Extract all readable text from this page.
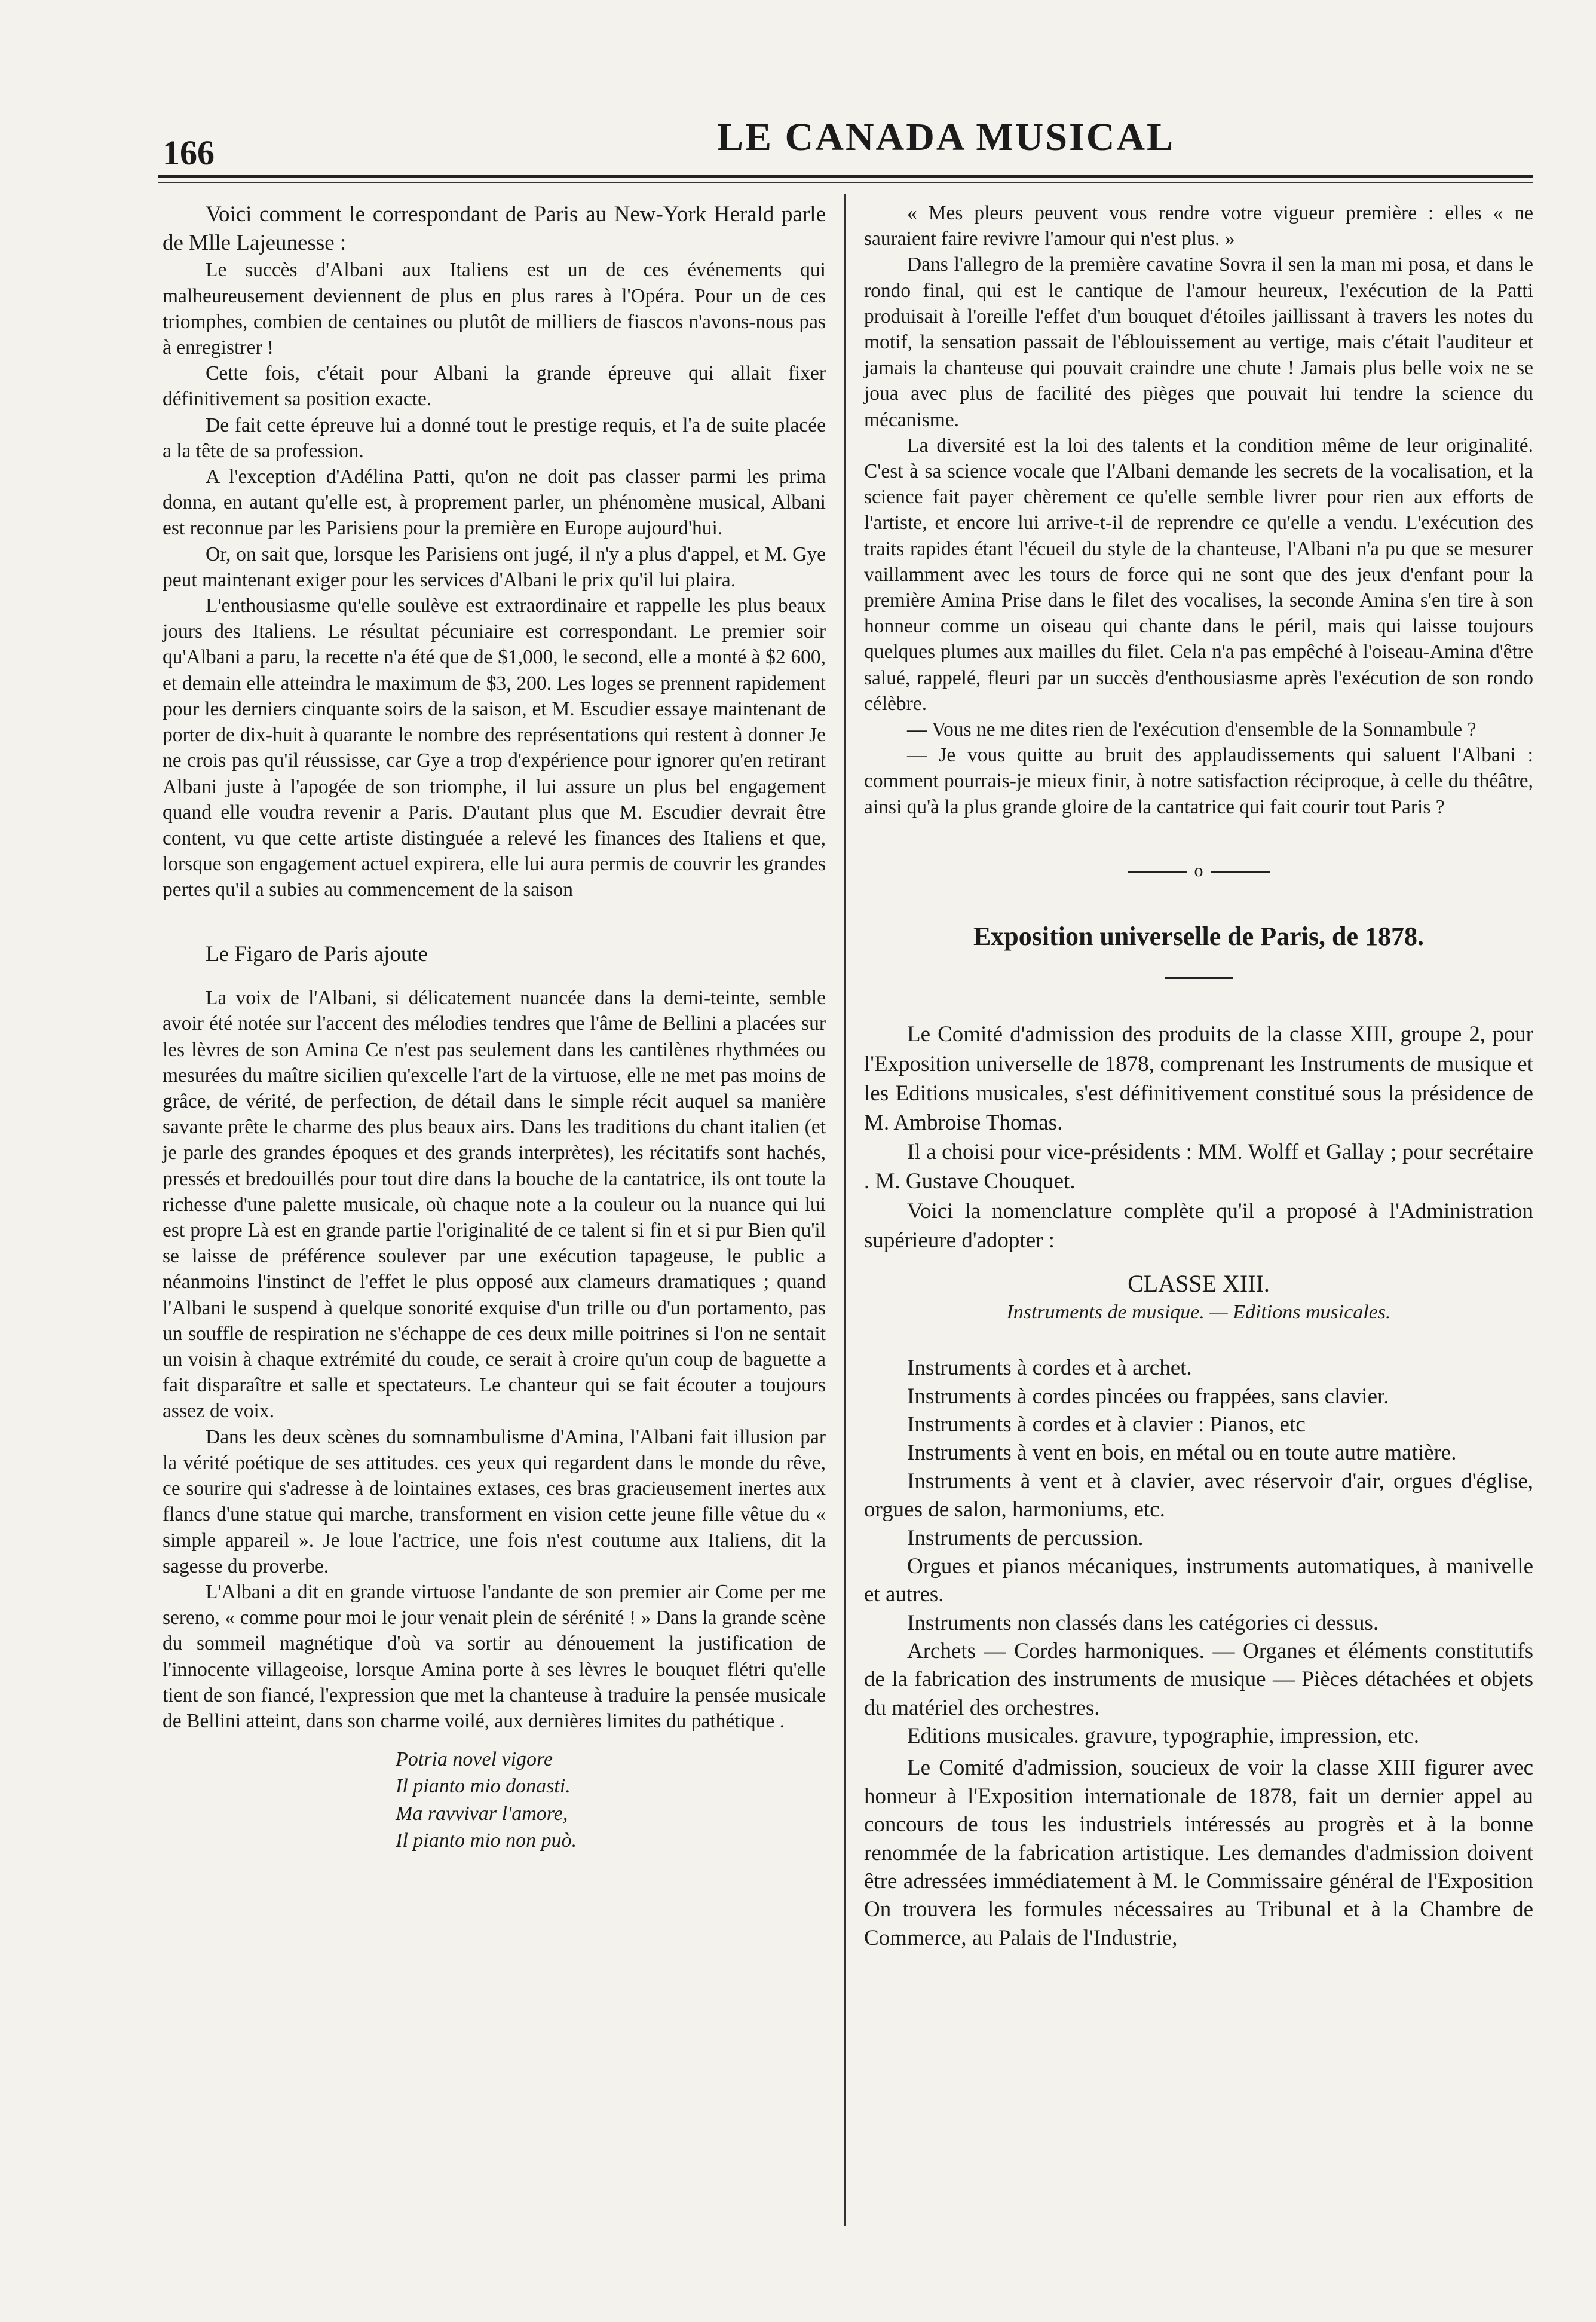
166	LE CANADA MUSICAL

Voici comment le correspondant de Paris au New-York Herald parle de Mlle Lajeunesse :

Le succès d'Albani aux Italiens est un de ces événements qui malheureusement deviennent de plus en plus rares à l'Opéra. Pour un de ces triomphes, combien de centaines ou plutôt de milliers de fiascos n'avons-nous pas à enregistrer !

Cette fois, c'était pour Albani la grande épreuve qui allait fixer définitivement sa position exacte.

De fait cette épreuve lui a donné tout le prestige requis, et l'a de suite placée a la tête de sa profession.

A l'exception d'Adélina Patti, qu'on ne doit pas classer parmi les prima donna, en autant qu'elle est, à proprement parler, un phénomène musical, Albani est reconnue par les Parisiens pour la première en Europe aujourd'hui.

Or, on sait que, lorsque les Parisiens ont jugé, il n'y a plus d'appel, et M. Gye peut maintenant exiger pour les services d'Albani le prix qu'il lui plaira.

L'enthousiasme qu'elle soulève est extraordinaire et rappelle les plus beaux jours des Italiens. Le résultat pécuniaire est correspondant. Le premier soir qu'Albani a paru, la recette n'a été que de $1,000, le second, elle a monté à $2 600, et demain elle atteindra le maximum de $3, 200. Les loges se prennent rapidement pour les derniers cinquante soirs de la saison, et M. Escudier essaye maintenant de porter de dix-huit à quarante le nombre des représentations qui restent à donner Je ne crois pas qu'il réussisse, car Gye a trop d'expérience pour ignorer qu'en retirant Albani juste à l'apogée de son triomphe, il lui assure un plus bel engagement quand elle voudra revenir a Paris. D'autant plus que M. Escudier devrait être content, vu que cette artiste distinguée a relevé les finances des Italiens et que, lorsque son engagement actuel expirera, elle lui aura permis de couvrir les grandes pertes qu'il a subies au commencement de la saison

Le Figaro de Paris ajoute

La voix de l'Albani, si délicatement nuancée dans la demi-teinte, semble avoir été notée sur l'accent des mélodies tendres que l'âme de Bellini a placées sur les lèvres de son Amina Ce n'est pas seulement dans les cantilènes rhythmées ou mesurées du maître sicilien qu'excelle l'art de la virtuose, elle ne met pas moins de grâce, de vérité, de perfection, de détail dans le simple récit auquel sa manière savante prête le charme des plus beaux airs. Dans les traditions du chant italien (et je parle des grandes époques et des grands interprètes), les récitatifs sont hachés, pressés et bredouillés pour tout dire dans la bouche de la cantatrice, ils ont toute la richesse d'une palette musicale, où chaque note a la couleur ou la nuance qui lui est propre Là est en grande partie l'originalité de ce talent si fin et si pur Bien qu'il se laisse de préférence soulever par une exécution tapageuse, le public a néanmoins l'instinct de l'effet le plus opposé aux clameurs dramatiques ; quand l'Albani le suspend à quelque sonorité exquise d'un trille ou d'un portamento, pas un souffle de respiration ne s'échappe de ces deux mille poitrines si l'on ne sentait un voisin à chaque extrémité du coude, ce serait à croire qu'un coup de baguette a fait disparaître et salle et spectateurs. Le chanteur qui se fait écouter a toujours assez de voix.

Dans les deux scènes du somnambulisme d'Amina, l'Albani fait illusion par la vérité poétique de ses attitudes. ces yeux qui regardent dans le monde du rêve, ce sourire qui s'adresse à de lointaines extases, ces bras gracieusement inertes aux flancs d'une statue qui marche, transforment en vision cette jeune fille vêtue du « simple appareil ». Je loue l'actrice, une fois n'est coutume aux Italiens, dit la sagesse du proverbe.

L'Albani a dit en grande virtuose l'andante de son premier air Come per me sereno, « comme pour moi le jour venait plein de sérénité ! » Dans la grande scène du sommeil magnétique d'où va sortir au dénouement la justification de l'innocente villageoise, lorsque Amina porte à ses lèvres le bouquet flétri qu'elle tient de son fiancé, l'expression que met la chanteuse à traduire la pensée musicale de Bellini atteint, dans son charme voilé, aux dernières limites du pathétique .

Potria novel vigore
Il pianto mio donasti.
Ma ravvivar l'amore,
Il pianto mio non può.

« Mes pleurs peuvent vous rendre votre vigueur première : elles « ne sauraient faire revivre l'amour qui n'est plus. »

Dans l'allegro de la première cavatine Sovra il sen la man mi posa, et dans le rondo final, qui est le cantique de l'amour heureux, l'exécution de la Patti produisait à l'oreille l'effet d'un bouquet d'étoiles jaillissant à travers les notes du motif, la sensation passait de l'éblouissement au vertige, mais c'était l'auditeur et jamais la chanteuse qui pouvait craindre une chute ! Jamais plus belle voix ne se joua avec plus de facilité des pièges que pouvait lui tendre la science du mécanisme.

La diversité est la loi des talents et la condition même de leur originalité. C'est à sa science vocale que l'Albani demande les secrets de la vocalisation, et la science fait payer chèrement ce qu'elle semble livrer pour rien aux efforts de l'artiste, et encore lui arrive-t-il de reprendre ce qu'elle a vendu. L'exécution des traits rapides étant l'écueil du style de la chanteuse, l'Albani n'a pu que se mesurer vaillamment avec les tours de force qui ne sont que des jeux d'enfant pour la première Amina Prise dans le filet des vocalises, la seconde Amina s'en tire à son honneur comme un oiseau qui chante dans le péril, mais qui laisse toujours quelques plumes aux mailles du filet. Cela n'a pas empêché à l'oiseau-Amina d'être salué, rappelé, fleuri par un succès d'enthousiasme après l'exécution de son rondo célèbre.

— Vous ne me dites rien de l'exécution d'ensemble de la Sonnambule ?

— Je vous quitte au bruit des applaudissements qui saluent l'Albani : comment pourrais-je mieux finir, à notre satisfaction réciproque, à celle du théâtre, ainsi qu'à la plus grande gloire de la cantatrice qui fait courir tout Paris ?

o
Exposition universelle de Paris, de 1878.

Le Comité d'admission des produits de la classe XIII, groupe 2, pour l'Exposition universelle de 1878, comprenant les Instruments de musique et les Editions musicales, s'est définitivement constitué sous la présidence de M. Ambroise Thomas.

Il a choisi pour vice-présidents : MM. Wolff et Gallay ; pour secrétaire . M. Gustave Chouquet.

Voici la nomenclature complète qu'il a proposé à l'Administration supérieure d'adopter :

CLASSE XIII.
Instruments de musique. — Editions musicales.

Instruments à cordes et à archet.

Instruments à cordes pincées ou frappées, sans clavier.

Instruments à cordes et à clavier : Pianos, etc

Instruments à vent en bois, en métal ou en toute autre matière.

Instruments à vent et à clavier, avec réservoir d'air, orgues d'église, orgues de salon, harmoniums, etc.

Instruments de percussion.

Orgues et pianos mécaniques, instruments automatiques, à manivelle et autres.

Instruments non classés dans les catégories ci dessus.

Archets — Cordes harmoniques. — Organes et éléments constitutifs de la fabrication des instruments de musique — Pièces détachées et objets du matériel des orchestres.

Editions musicales. gravure, typographie, impression, etc.

Le Comité d'admission, soucieux de voir la classe XIII figurer avec honneur à l'Exposition internationale de 1878, fait un dernier appel au concours de tous les industriels intéressés au progrès et à la bonne renommée de la fabrication artistique. Les demandes d'admission doivent être adressées immédiatement à M. le Commissaire général de l'Exposition On trouvera les formules nécessaires au Tribunal et à la Chambre de Commerce, au Palais de l'Industrie,
